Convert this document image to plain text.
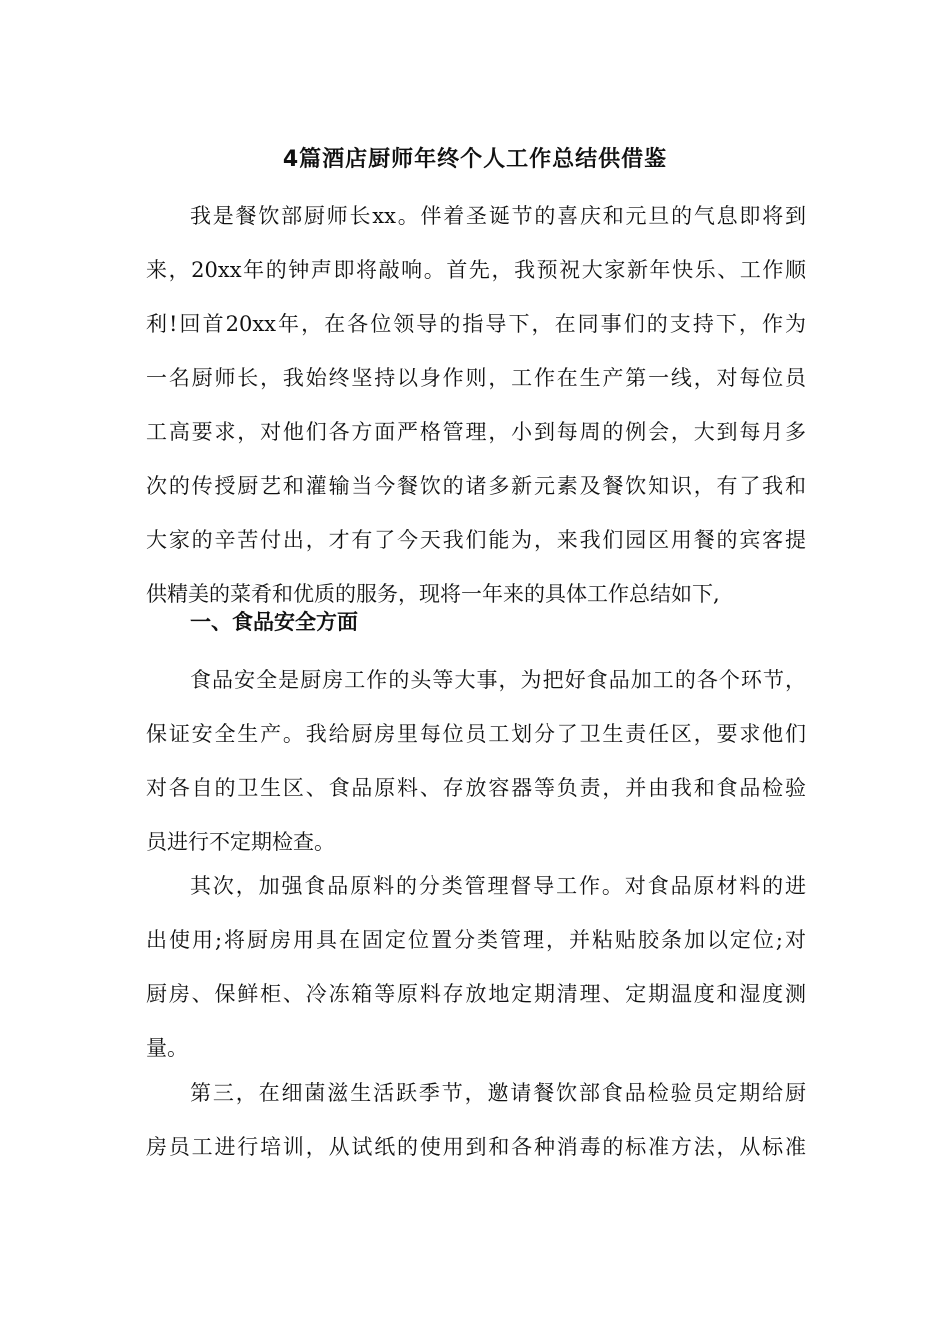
4篇酒店厨师年终个人工作总结供借鉴
我是餐饮部厨师长xx。伴着圣诞节的喜庆和元旦的气息即将到
来，20xx年的钟声即将敲响。首先，我预祝大家新年快乐、工作顺
利!回首20xx年，在各位领导的指导下，在同事们的支持下，作为
一名厨师长，我始终坚持以身作则，工作在生产第一线，对每位员
工高要求，对他们各方面严格管理，小到每周的例会，大到每月多
次的传授厨艺和灌输当今餐饮的诸多新元素及餐饮知识，有了我和
大家的辛苦付出，才有了今天我们能为，来我们园区用餐的宾客提
供精美的菜肴和优质的服务，现将一年来的具体工作总结如下,
一、食品安全方面
食品安全是厨房工作的头等大事，为把好食品加工的各个环节，
保证安全生产。我给厨房里每位员工划分了卫生责任区，要求他们
对各自的卫生区、食品原料、存放容器等负责，并由我和食品检验
员进行不定期检查。
其次，加强食品原料的分类管理督导工作。对食品原材料的进
出使用;将厨房用具在固定位置分类管理，并粘贴胶条加以定位;对
厨房、保鲜柜、冷冻箱等原料存放地定期清理、定期温度和湿度测
量。
第三，在细菌滋生活跃季节，邀请餐饮部食品检验员定期给厨
房员工进行培训，从试纸的使用到和各种消毒的标准方法，从标准
